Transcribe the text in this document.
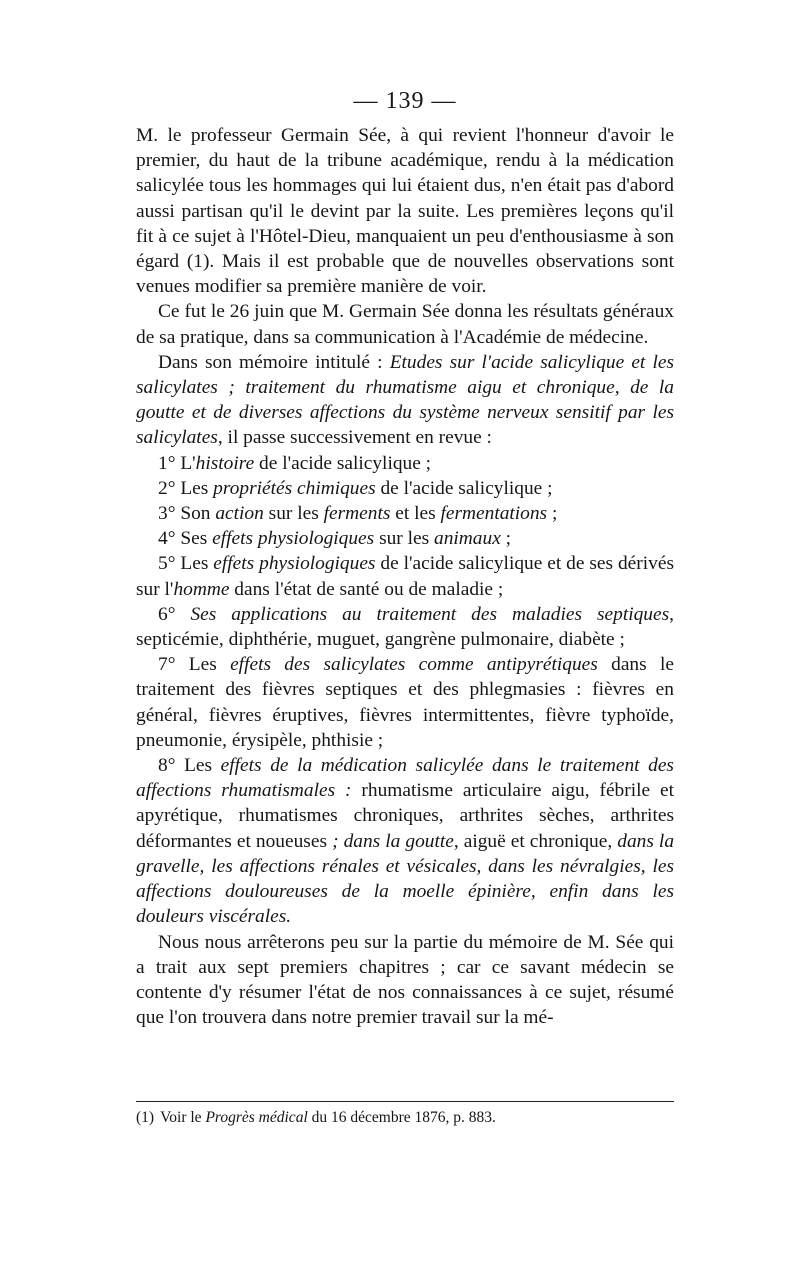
— 139 —

M. le professeur Germain Sée, à qui revient l'honneur d'avoir le premier, du haut de la tribune académique, rendu à la médication salicylée tous les hommages qui lui étaient dus, n'en était pas d'abord aussi partisan qu'il le devint par la suite. Les premières leçons qu'il fit à ce sujet à l'Hôtel-Dieu, manquaient un peu d'enthousiasme à son égard (1). Mais il est probable que de nouvelles observations sont venues modifier sa première manière de voir.

Ce fut le 26 juin que M. Germain Sée donna les résultats généraux de sa pratique, dans sa communication à l'Académie de médecine.

Dans son mémoire intitulé : Etudes sur l'acide salicylique et les salicylates ; traitement du rhumatisme aigu et chronique, de la goutte et de diverses affections du système nerveux sensitif par les salicylates, il passe successivement en revue :

1° L'histoire de l'acide salicylique ;

2° Les propriétés chimiques de l'acide salicylique ;

3° Son action sur les ferments et les fermentations ;

4° Ses effets physiologiques sur les animaux ;

5° Les effets physiologiques de l'acide salicylique et de ses dérivés sur l'homme dans l'état de santé ou de maladie ;

6° Ses applications au traitement des maladies septiques, septicémie, diphthérie, muguet, gangrène pulmonaire, diabète ;

7° Les effets des salicylates comme antipyrétiques dans le traitement des fièvres septiques et des phlegmasies : fièvres en général, fièvres éruptives, fièvres intermittentes, fièvre typhoïde, pneumonie, érysipèle, phthisie ;

8° Les effets de la médication salicylée dans le traitement des affections rhumatismales : rhumatisme articulaire aigu, fébrile et apyrétique, rhumatismes chroniques, arthrites sèches, arthrites déformantes et noueuses ; dans la goutte, aiguë et chronique, dans la gravelle, les affections rénales et vésicales, dans les névralgies, les affections douloureuses de la moelle épinière, enfin dans les douleurs viscérales.

Nous nous arrêterons peu sur la partie du mémoire de M. Sée qui a trait aux sept premiers chapitres ; car ce savant médecin se contente d'y résumer l'état de nos connaissances à ce sujet, résumé que l'on trouvera dans notre premier travail sur la mé-

(1) Voir le Progrès médical du 16 décembre 1876, p. 883.
